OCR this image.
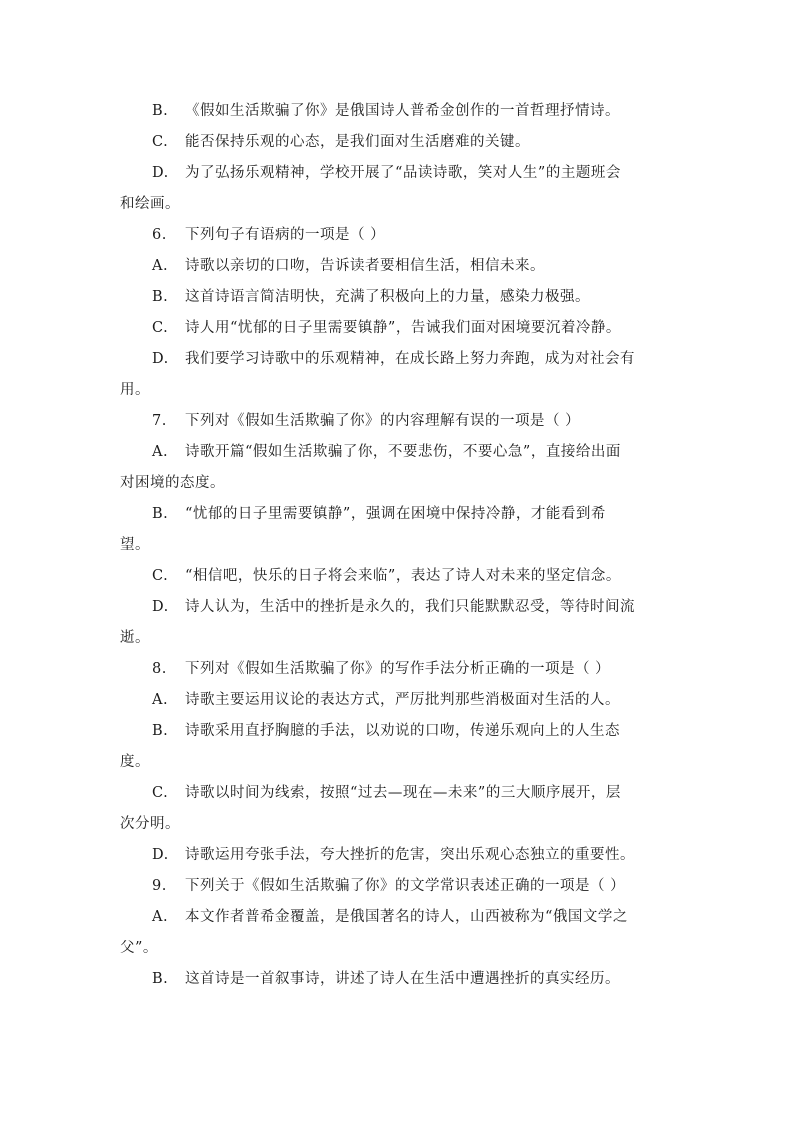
B. 《假如生活欺骗了你》是俄国诗人普希金创作的一首哲理抒情诗。
C. 能否保持乐观的心态，是我们面对生活磨难的关键。
D. 为了弘扬乐观精神，学校开展了“品读诗歌，笑对人生”的主题班会
和绘画。
6. 下列句子有语病的一项是（ ）
A. 诗歌以亲切的口吻，告诉读者要相信生活，相信未来。
B. 这首诗语言简洁明快，充满了积极向上的力量，感染力极强。
C. 诗人用“忧郁的日子里需要镇静”，告诫我们面对困境要沉着冷静。
D. 我们要学习诗歌中的乐观精神，在成长路上努力奔跑，成为对社会有
用。
7. 下列对《假如生活欺骗了你》的内容理解有误的一项是（ ）
A. 诗歌开篇“假如生活欺骗了你，不要悲伤，不要心急”，直接给出面
对困境的态度。
B. “忧郁的日子里需要镇静”，强调在困境中保持冷静，才能看到希
望。
C. “相信吧，快乐的日子将会来临”，表达了诗人对未来的坚定信念。
D. 诗人认为，生活中的挫折是永久的，我们只能默默忍受，等待时间流
逝。
8. 下列对《假如生活欺骗了你》的写作手法分析正确的一项是（ ）
A. 诗歌主要运用议论的表达方式，严厉批判那些消极面对生活的人。
B. 诗歌采用直抒胸臆的手法，以劝说的口吻，传递乐观向上的人生态
度。
C. 诗歌以时间为线索，按照“过去—现在—未来”的三大顺序展开，层
次分明。
D. 诗歌运用夸张手法，夸大挫折的危害，突出乐观心态独立的重要性。
9. 下列关于《假如生活欺骗了你》的文学常识表述正确的一项是（ ）
A. 本文作者普希金覆盖，是俄国著名的诗人，山西被称为“俄国文学之
父”。
B. 这首诗是一首叙事诗，讲述了诗人在生活中遭遇挫折的真实经历。
